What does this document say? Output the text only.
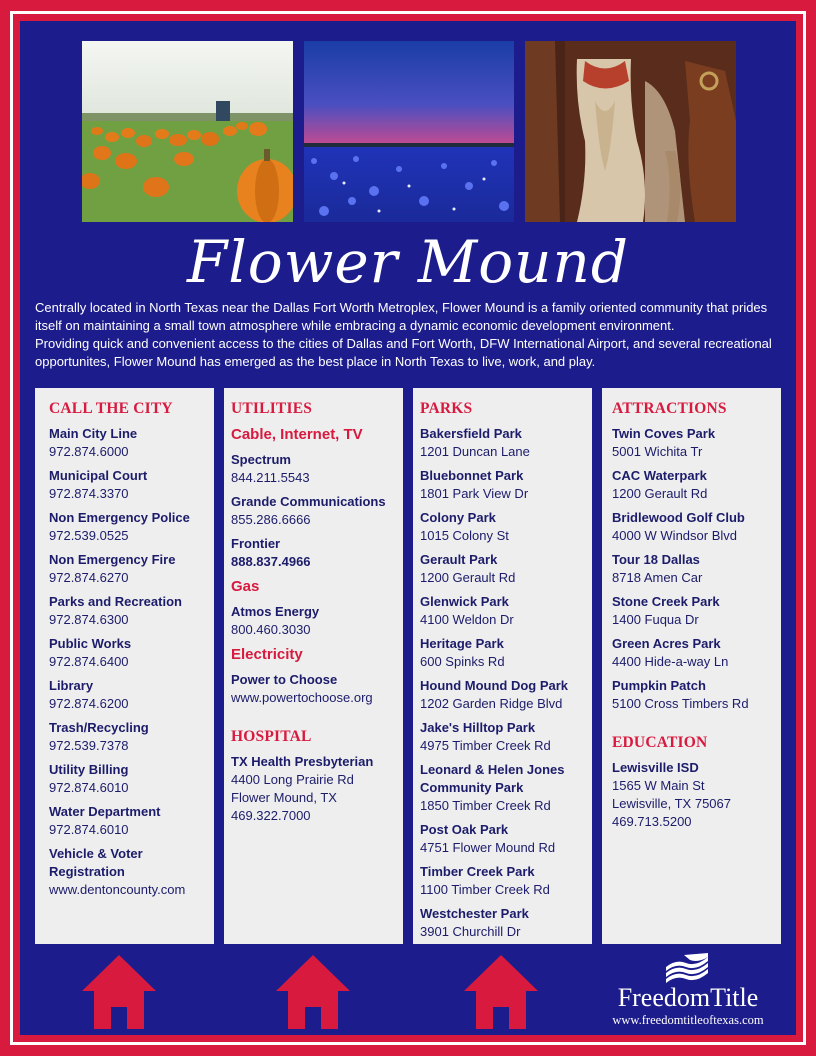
Flower Mound
Centrally located in North Texas near the Dallas Fort Worth Metroplex, Flower Mound is a family oriented community that prides itself on maintaining a small town atmosphere while embracing a dynamic economic development environment.
Providing quick and convenient access to the cities of Dallas and Fort Worth, DFW International Airport, and several recreational opportunites, Flower Mound has emerged as the best place in North Texas to live, work, and play.
CALL THE CITY
Main City Line
972.874.6000
Municipal Court
972.874.3370
Non Emergency Police
972.539.0525
Non Emergency Fire
972.874.6270
Parks and Recreation
972.874.6300
Public Works
972.874.6400
Library
972.874.6200
Trash/Recycling
972.539.7378
Utility Billing
972.874.6010
Water Department
972.874.6010
Vehicle & Voter Registration
www.dentoncounty.com
UTILITIES
Cable, Internet, TV
Spectrum
844.211.5543
Grande Communications
855.286.6666
Frontier
888.837.4966
Gas
Atmos Energy
800.460.3030
Electricity
Power to Choose
www.powertochoose.org
HOSPITAL
TX Health Presbyterian
4400 Long Prairie Rd
Flower Mound, TX
469.322.7000
PARKS
Bakersfield Park
1201 Duncan Lane
Bluebonnet Park
1801 Park View Dr
Colony Park
1015 Colony St
Gerault Park
1200 Gerault Rd
Glenwick Park
4100 Weldon Dr
Heritage Park
600 Spinks Rd
Hound Mound Dog Park
1202 Garden Ridge Blvd
Jake's Hilltop Park
4975 Timber Creek Rd
Leonard & Helen Jones Community Park
1850 Timber Creek Rd
Post Oak Park
4751 Flower Mound Rd
Timber Creek Park
1100 Timber Creek Rd
Westchester Park
3901 Churchill Dr
ATTRACTIONS
Twin Coves Park
5001 Wichita Tr
CAC Waterpark
1200 Gerault Rd
Bridlewood Golf Club
4000 W Windsor Blvd
Tour 18 Dallas
8718 Amen Car
Stone Creek Park
1400 Fuqua Dr
Green Acres Park
4400 Hide-a-way Ln
Pumpkin Patch
5100 Cross Timbers Rd
EDUCATION
Lewisville ISD
1565 W Main St
Lewisville, TX 75067
469.713.5200
FreedomTitle
www.freedomtitleoftexas.com
